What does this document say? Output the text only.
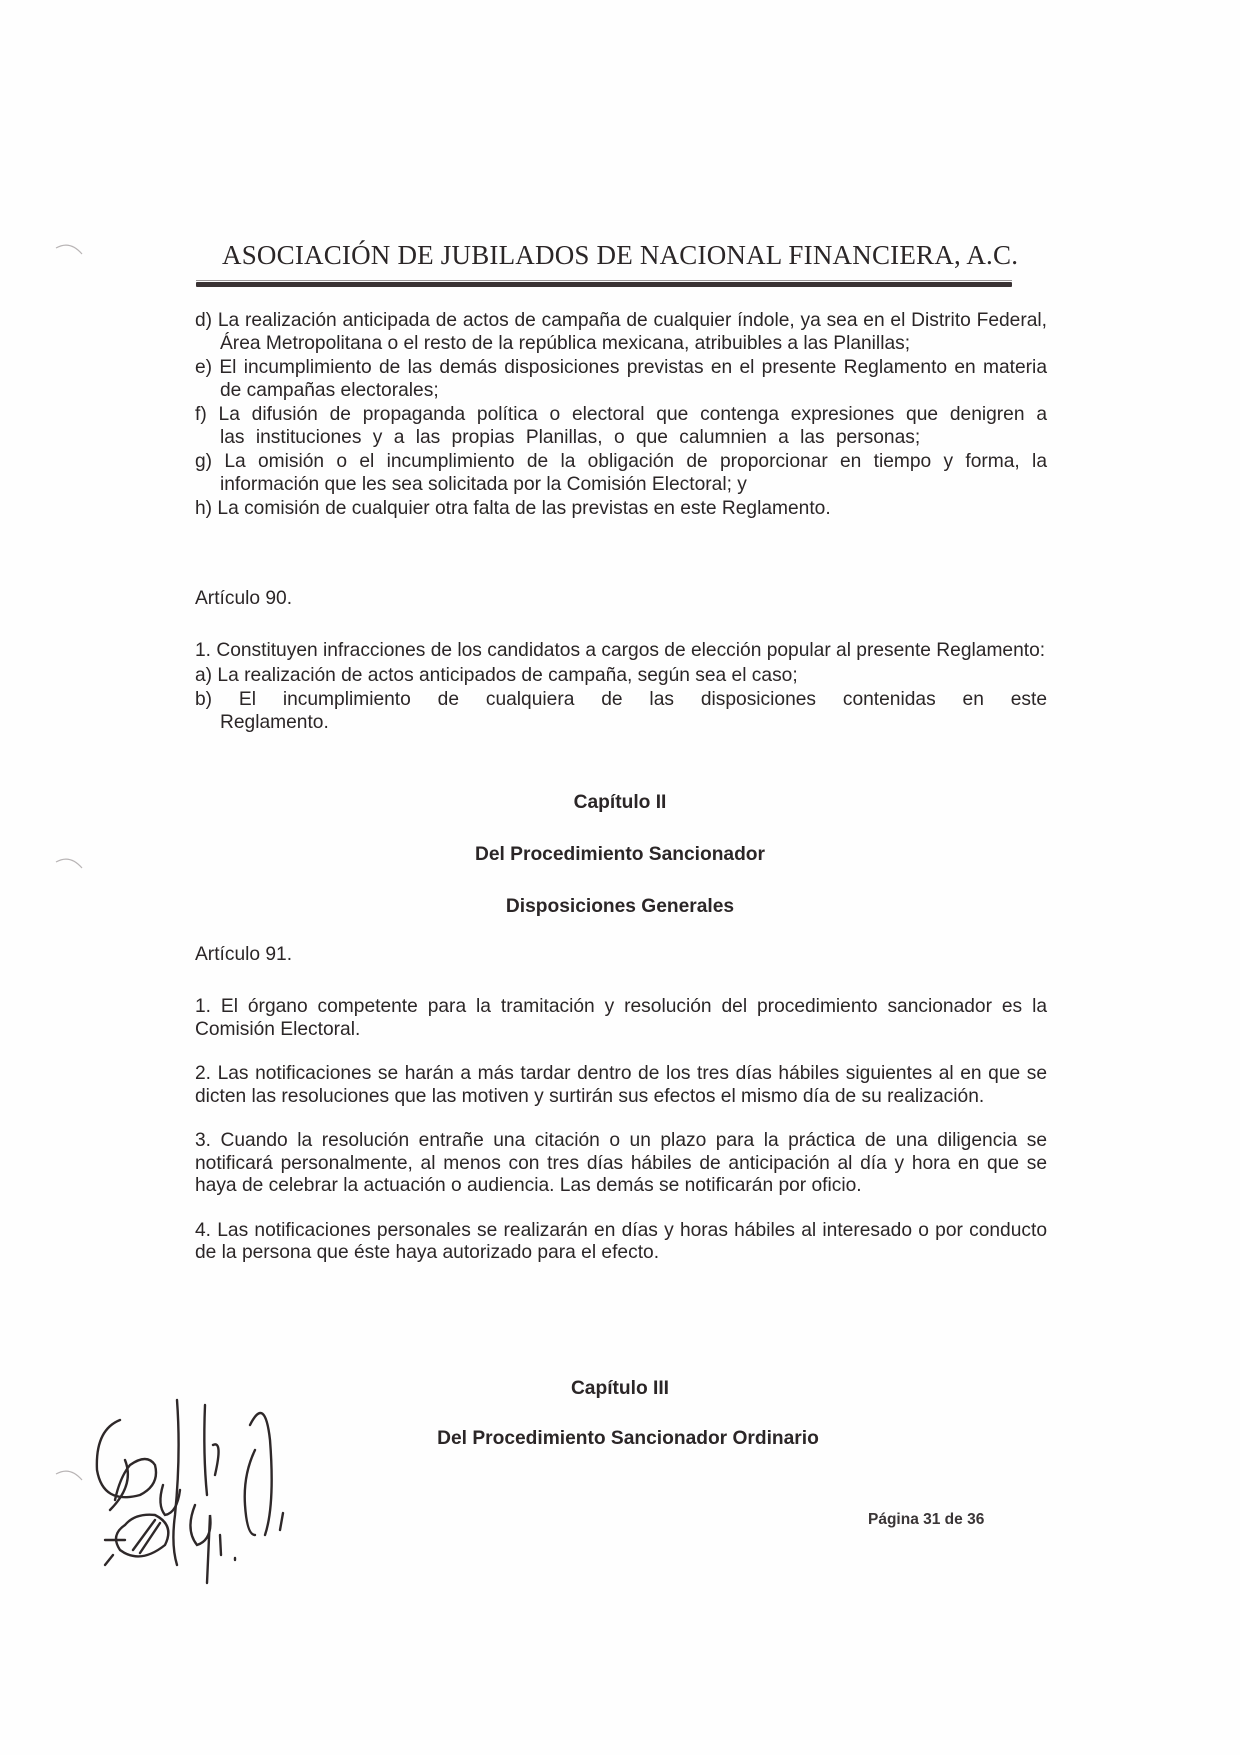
ASOCIACIÓN DE JUBILADOS DE NACIONAL FINANCIERA, A.C.

d) La realización anticipada de actos de campaña de cualquier índole, ya sea en el Distrito Federal, Área Metropolitana o el resto de la república mexicana, atribuibles a las Planillas;

e) El incumplimiento de las demás disposiciones previstas en el presente Reglamento en materia de campañas electorales;

f) La difusión de propaganda política o electoral que contenga expresiones que denigren a las instituciones y a las propias Planillas, o que calumnien a las personas;

g) La omisión o el incumplimiento de la obligación de proporcionar en tiempo y forma, la información que les sea solicitada por la Comisión Electoral; y

h) La comisión de cualquier otra falta de las previstas en este Reglamento.

Artículo 90.

1. Constituyen infracciones de los candidatos a cargos de elección popular al presente Reglamento:

a) La realización de actos anticipados de campaña, según sea el caso;

b) El incumplimiento de cualquiera de las disposiciones contenidas en este Reglamento.

Capítulo II
Del Procedimiento Sancionador
Disposiciones Generales
Artículo 91.

1. El órgano competente para la tramitación y resolución del procedimiento sancionador es la Comisión Electoral.

2. Las notificaciones se harán a más tardar dentro de los tres días hábiles siguientes al en que se dicten las resoluciones que las motiven y surtirán sus efectos el mismo día de su realización.

3. Cuando la resolución entrañe una citación o un plazo para la práctica de una diligencia se notificará personalmente, al menos con tres días hábiles de anticipación al día y hora en que se haya de celebrar la actuación o audiencia. Las demás se notificarán por oficio.

4. Las notificaciones personales se realizarán en días y horas hábiles al interesado o por conducto de la persona que éste haya autorizado para el efecto.

Capítulo III
Del Procedimiento Sancionador Ordinario
Página 31 de 36
